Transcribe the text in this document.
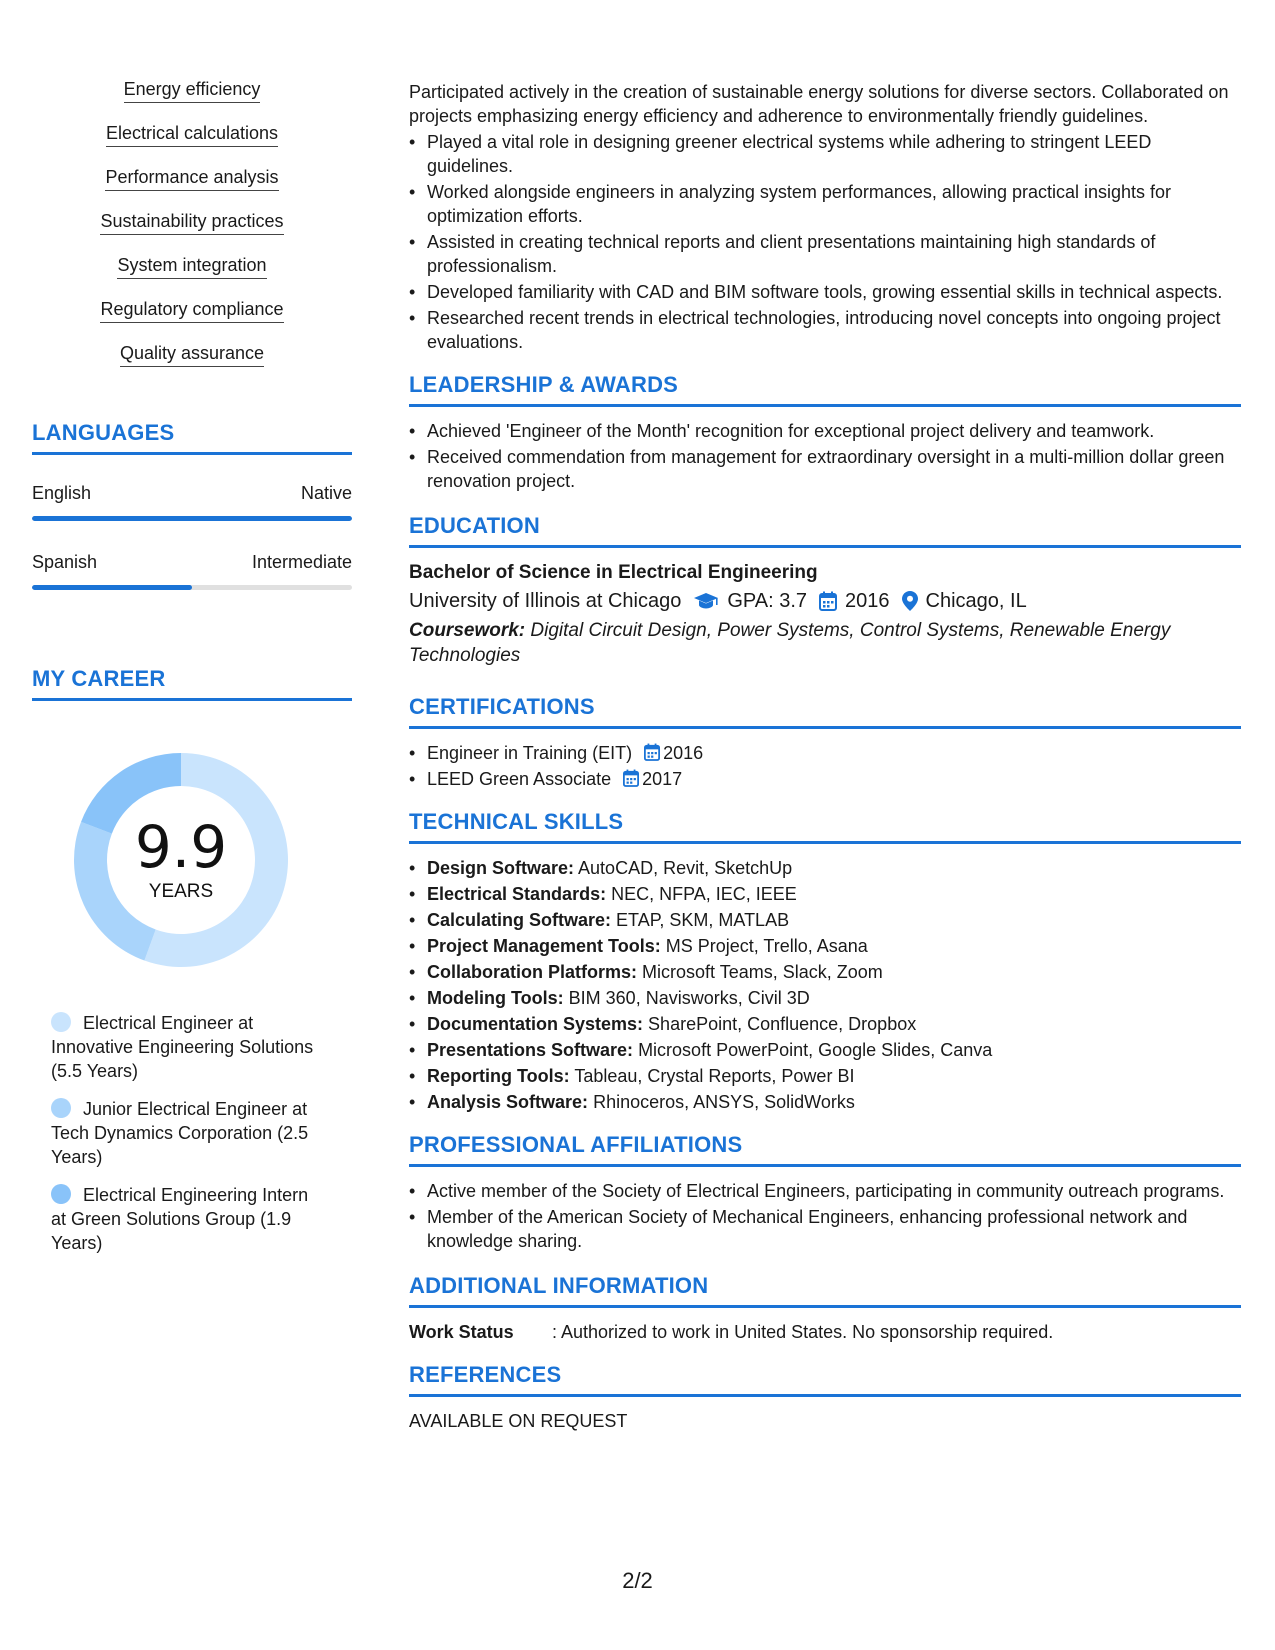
Energy efficiency
Electrical calculations
Performance analysis
Sustainability practices
System integration
Regulatory compliance
Quality assurance
LANGUAGES
English	Native
Spanish	Intermediate
MY CAREER
9.9
YEARS
Electrical Engineer at Innovative Engineering Solutions (5.5 Years)
Junior Electrical Engineer at Tech Dynamics Corporation (2.5 Years)
Electrical Engineering Intern at Green Solutions Group (1.9 Years)

Participated actively in the creation of sustainable energy solutions for diverse sectors. Collaborated on projects emphasizing energy efficiency and adherence to environmentally friendly guidelines.

• Played a vital role in designing greener electrical systems while adhering to stringent LEED guidelines.
• Worked alongside engineers in analyzing system performances, allowing practical insights for optimization efforts.
• Assisted in creating technical reports and client presentations maintaining high standards of professionalism.
• Developed familiarity with CAD and BIM software tools, growing essential skills in technical aspects.
• Researched recent trends in electrical technologies, introducing novel concepts into ongoing project evaluations.
LEADERSHIP & AWARDS
• Achieved 'Engineer of the Month' recognition for exceptional project delivery and teamwork.
• Received commendation from management for extraordinary oversight in a multi-million dollar green renovation project.
EDUCATION
Bachelor of Science in Electrical Engineering
University of Illinois at Chicago GPA: 3.7 2016 Chicago, IL
Coursework: Digital Circuit Design, Power Systems, Control Systems, Renewable Energy Technologies
CERTIFICATIONS
• Engineer in Training (EIT) 2016
• LEED Green Associate 2017
TECHNICAL SKILLS
• Design Software: AutoCAD, Revit, SketchUp
• Electrical Standards: NEC, NFPA, IEC, IEEE
• Calculating Software: ETAP, SKM, MATLAB
• Project Management Tools: MS Project, Trello, Asana
• Collaboration Platforms: Microsoft Teams, Slack, Zoom
• Modeling Tools: BIM 360, Navisworks, Civil 3D
• Documentation Systems: SharePoint, Confluence, Dropbox
• Presentations Software: Microsoft PowerPoint, Google Slides, Canva
• Reporting Tools: Tableau, Crystal Reports, Power BI
• Analysis Software: Rhinoceros, ANSYS, SolidWorks
PROFESSIONAL AFFILIATIONS
• Active member of the Society of Electrical Engineers, participating in community outreach programs.
• Member of the American Society of Mechanical Engineers, enhancing professional network and knowledge sharing.
ADDITIONAL INFORMATION
Work Status	: Authorized to work in United States. No sponsorship required.
REFERENCES
AVAILABLE ON REQUEST
2/2
